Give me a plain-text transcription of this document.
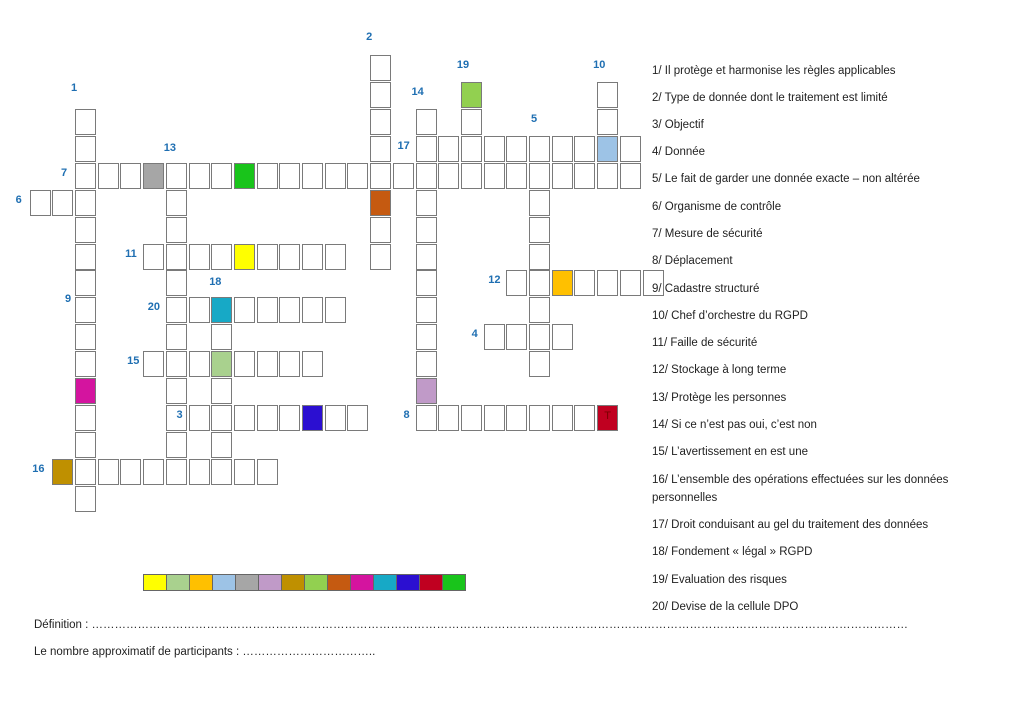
T
1
2
3
4
5
6
7
8
9
10
11
12
13
14
15
16
17
18
19
20
1/ Il protège et harmonise les règles applicables
2/ Type de donnée dont le traitement est limité
3/ Objectif
4/ Donnée
5/ Le fait de garder une donnée exacte – non altérée
6/ Organisme de contrôle
7/ Mesure de sécurité
8/ Déplacement
9/ Cadastre structuré
10/ Chef d’orchestre du RGPD
11/ Faille de sécurité
12/ Stockage à long terme
13/ Protège les personnes
14/ Si ce n’est pas oui, c’est non
15/ L’avertissement en est une
16/ L’ensemble des opérations effectuées sur les données personnelles
17/ Droit conduisant au gel du traitement des données
18/ Fondement « légal » RGPD
19/ Evaluation des risques
20/ Devise de la cellule DPO
Définition : ……………………………………………………………………………………………………………………………………………………………………………………………
Le nombre approximatif de participants : ……………………………..
